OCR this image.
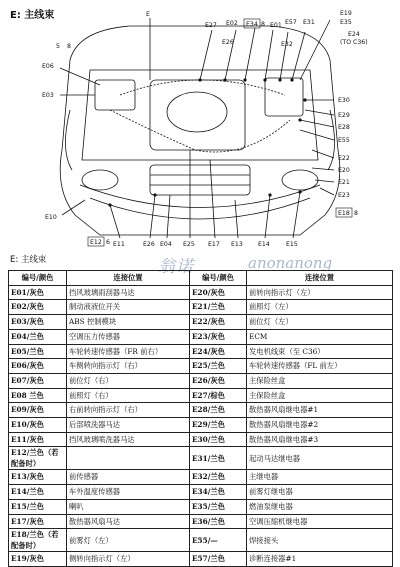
E: 主线束	E
E27 E02 E34 8 E01 E57 E31
E19
E35
E24
(TO C36)
E26	E32
5 8
E06
E03
E10
E12 6
E30
E29
E28
E55
E22
E20
E21
E23
E18 8
E11	E26 E04 E25 E17 E13 E14	E15
E: 主线束	翁诺	anonanong
编号/颜色	连接位置	编号/颜色	连接位置
E01/灰色	挡风玻璃雨刮器马达	E20/灰色	前转向指示灯（左）
E02/灰色	制动液液位开关	E21/兰色	前照灯（左）
E03/灰色	ABS 控制模块	E22/灰色	前位灯（左）
E04/兰色	空调压力传感器	E23/灰色	ECM
E05/兰色	车轮转速传感器（FR 前右）	E24/灰色	发电机线束（至 C36）
E06/灰色	车侧转向指示灯（右）	E25/兰色	车轮转速传感器（FL 前左）
E07/灰色	前位灯（右）	E26/灰色	主保险丝盒
E08 兰色	前照灯（右）	E27/棕色	主保险丝盒
E09/灰色	右前转向指示灯（右）	E28/兰色	散热器风扇继电器#1
E10/灰色	后部喷洗器马达	E29/兰色	散热器风扇继电器#2
E11/灰色	挡风玻璃喷洗器马达	E30/兰色	散热器风扇继电器#3
E12/兰色（若配备时）		E31/兰色	起动马达继电器
E13/灰色	前传感器	E32/兰色	主继电器
E14/兰色	车外温度传感器	E34/兰色	前雾灯继电器
E15/兰色	喇叭	E35/兰色	燃油泵继电器
E17/灰色	散热器风扇马达	E36/兰色	空调压缩机继电器
E18/兰色（若配备时）	前雾灯（左）	E55/—	焊接接头
E19/灰色	侧转向指示灯（左）	E57/兰色	诊断连接器#1
